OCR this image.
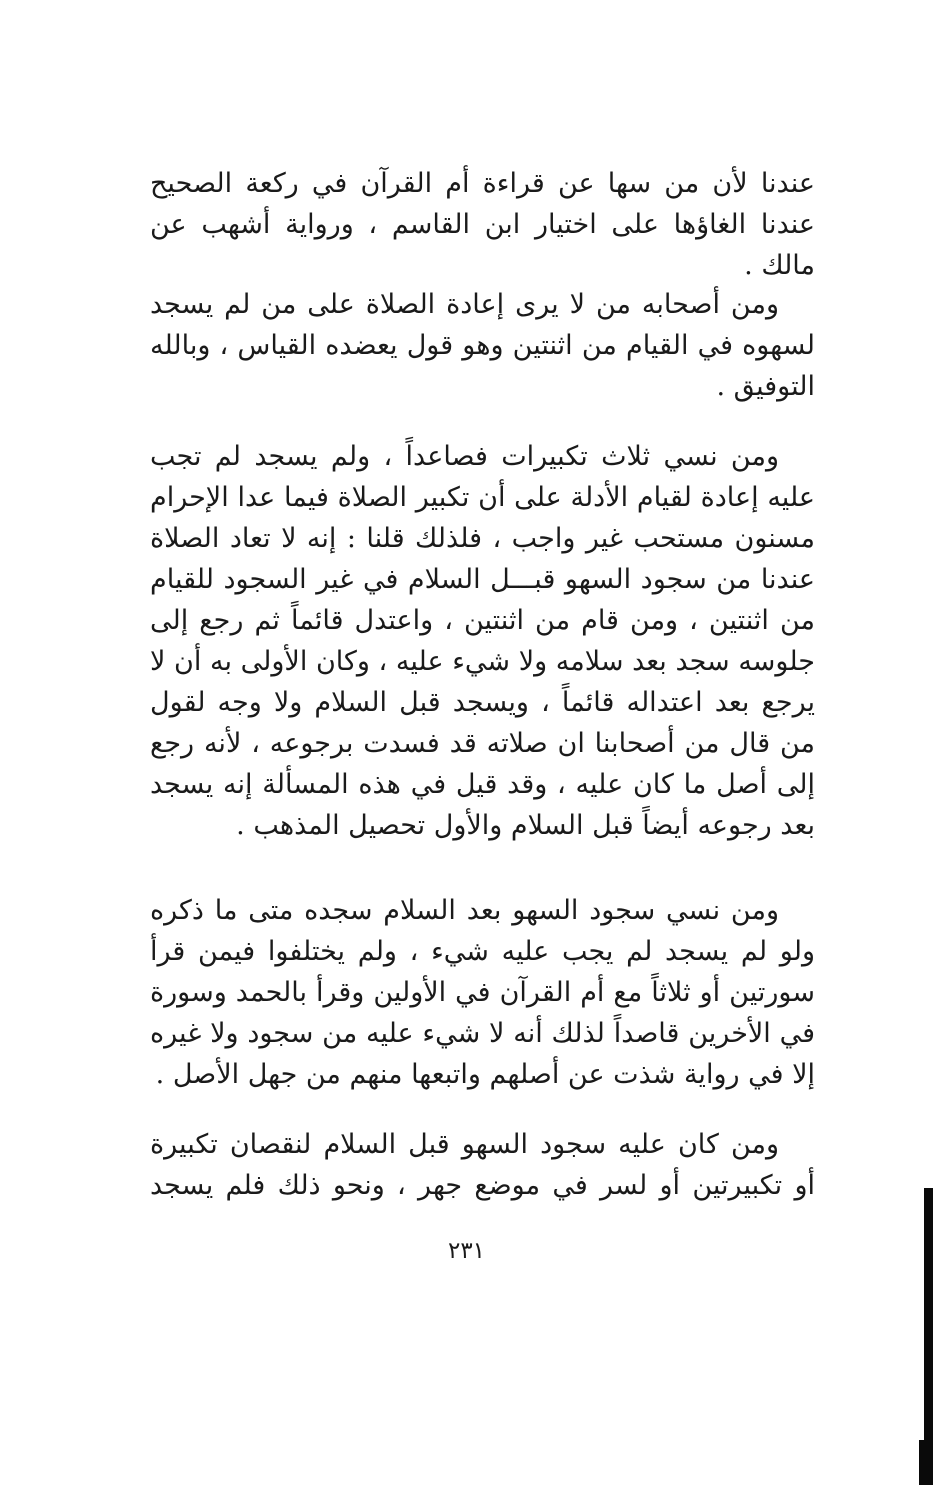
عندنا لأن من سها عن قراءة أم القرآن في ركعة الصحيح عندنا الغاؤها على اختيار ابن القاسم ، ورواية أشهب عن مالك .

ومن أصحابه من لا يرى إعادة الصلاة على من لم يسجد لسهوه في القيام من اثنتين وهو قول يعضده القياس ، وبالله التوفيق .

ومن نسي ثلاث تكبيرات فصاعداً ، ولم يسجد لم تجب عليه إعادة لقيام الأدلة على أن تكبير الصلاة فيما عدا الإحرام مسنون مستحب غير واجب ، فلذلك قلنا : إنه لا تعاد الصلاة عندنا من سجود السهو قبـــل السلام في غير السجود للقيام من اثنتين ، ومن قام من اثنتين ، واعتدل قائماً ثم رجع إلى جلوسه سجد بعد سلامه ولا شيء عليه ، وكان الأولى به أن لا يرجع بعد اعتداله قائماً ، ويسجد قبل السلام ولا وجه لقول من قال من أصحابنا ان صلاته قد فسدت برجوعه ، لأنه رجع إلى أصل ما كان عليه ، وقد قيل في هذه المسألة إنه يسجد بعد رجوعه أيضاً قبل السلام والأول تحصيل المذهب .

ومن نسي سجود السهو بعد السلام سجده متى ما ذكره ولو لم يسجد لم يجب عليه شيء ، ولم يختلفوا فيمن قرأ سورتين أو ثلاثاً مع أم القرآن في الأولين وقرأ بالحمد وسورة في الأخرين قاصداً لذلك أنه لا شيء عليه من سجود ولا غيره إلا في رواية شذت عن أصلهم واتبعها منهم من جهل الأصل .

ومن كان عليه سجود السهو قبل السلام لنقصان تكبيرة أو تكبيرتين أو لسر في موضع جهر ، ونحو ذلك فلم يسجد

٢٣١
